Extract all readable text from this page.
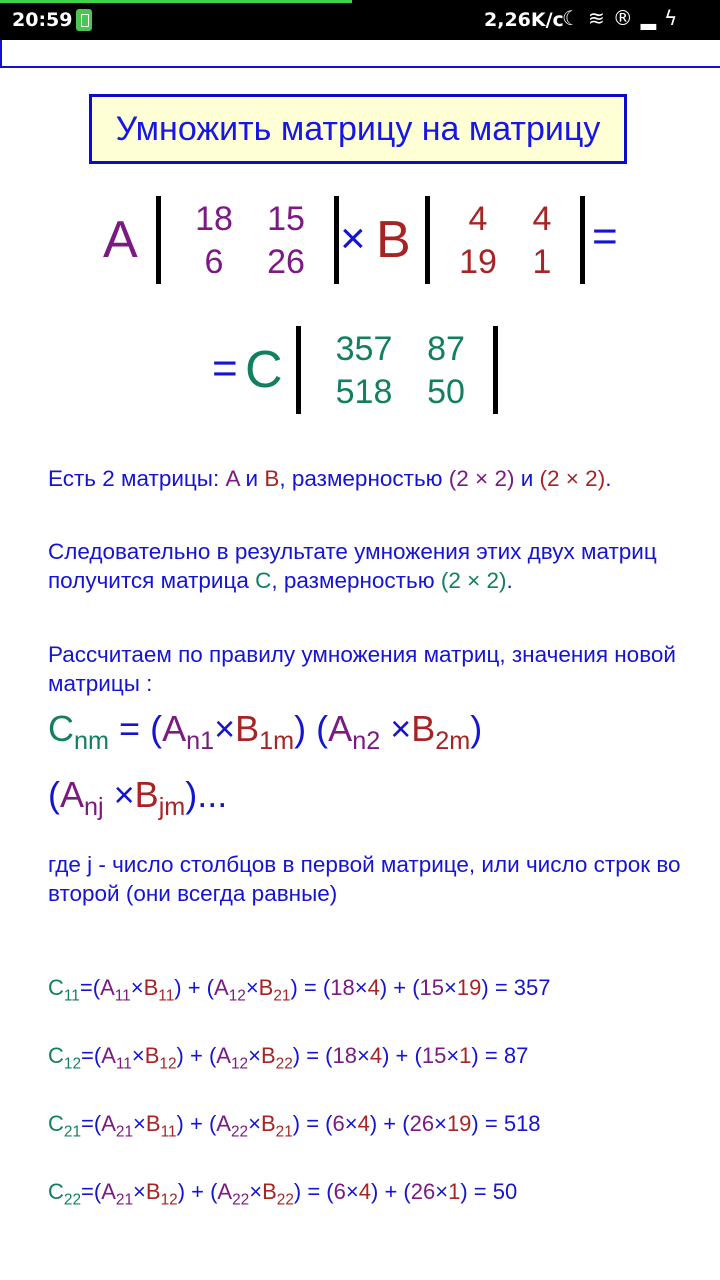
20:59	2,26K/c
☾≋®▂ϟ
Умножить матрицу на матрицу
A	18	15
6	26 × B	4	4
19	1
=
= C 357	87
518	50
Есть 2 матрицы: A и B, размерностью (2 × 2) и (2 × 2).
Следовательно в результате умножения этих двух матриц получится матрица C, размерностью (2 × 2).
Рассчитаем по правилу умножения матриц, значения новой матрицы :
$C_{nm} = (A_{n1}\times B_{1m})$ $(A_{n2} \times B_{2m})$
$(A_{nj} \times B_{jm})$...
где j - число столбцов в первой матрице, или число строк во второй (они всегда равные)
$C_{11}=(A_{11}\times B_{11}) + (A_{12}\times B_{21}) = (18\times 4) + (15\times 19) = 357$
$C_{12}=(A_{11}\times B_{12}) + (A_{12}\times B_{22}) = (18\times 4) + (15\times 1) = 87$
$C_{21}=(A_{21}\times B_{11}) + (A_{22}\times B_{21}) = (6\times 4) + (26\times 19) = 518$
$C_{22}=(A_{21}\times B_{12}) + (A_{22}\times B_{22}) = (6\times 4) + (26\times 1) = 50$
